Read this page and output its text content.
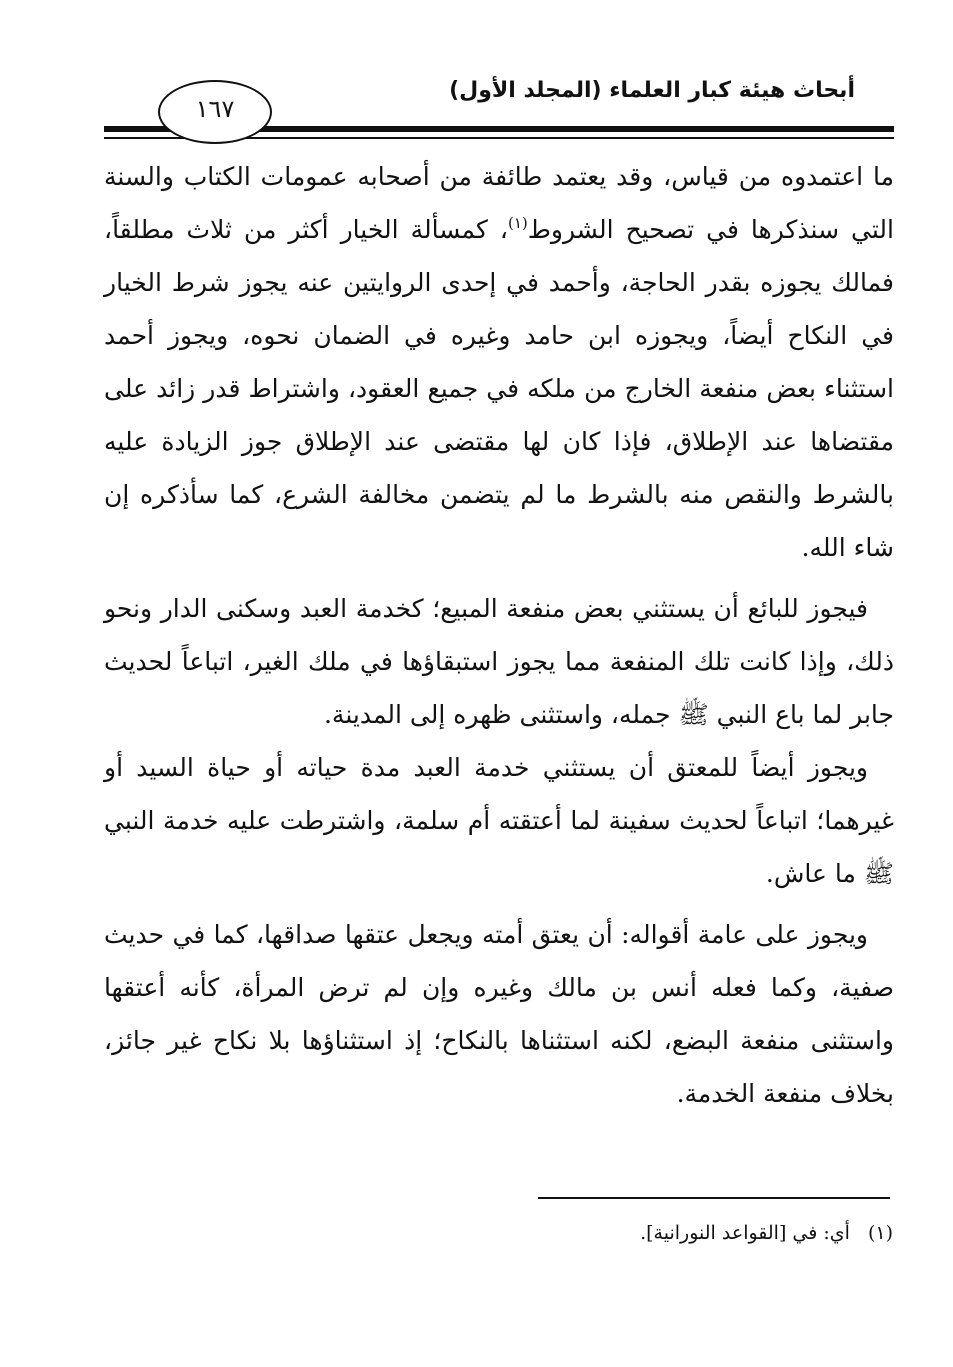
أبحاث هيئة كبار العلماء (المجلد الأول)
١٦٧

ما اعتمدوه من قياس، وقد يعتمد طائفة من أصحابه عمومات الكتاب والسنة التي سنذكرها في تصحيح الشروط$^{(١)}$، كمسألة الخيار أكثر من ثلاث مطلقاً، فمالك يجوزه بقدر الحاجة، وأحمد في إحدى الروايتين عنه يجوز شرط الخيار في النكاح أيضاً، ويجوزه ابن حامد وغيره في الضمان نحوه، ويجوز أحمد استثناء بعض منفعة الخارج من ملكه في جميع العقود، واشتراط قدر زائد على مقتضاها عند الإطلاق، فإذا كان لها مقتضى عند الإطلاق جوز الزيادة عليه بالشرط والنقص منه بالشرط ما لم يتضمن مخالفة الشرع، كما سأذكره إن شاء الله.

فيجوز للبائع أن يستثني بعض منفعة المبيع؛ كخدمة العبد وسكنى الدار ونحو ذلك، وإذا كانت تلك المنفعة مما يجوز استبقاؤها في ملك الغير، اتباعاً لحديث جابر لما باع النبي ﷺ جمله، واستثنى ظهره إلى المدينة.

ويجوز أيضاً للمعتق أن يستثني خدمة العبد مدة حياته أو حياة السيد أو غيرهما؛ اتباعاً لحديث سفينة لما أعتقته أم سلمة، واشترطت عليه خدمة النبي ﷺ ما عاش.

ويجوز على عامة أقواله: أن يعتق أمته ويجعل عتقها صداقها، كما في حديث صفية، وكما فعله أنس بن مالك وغيره وإن لم ترض المرأة، كأنه أعتقها واستثنى منفعة البضع، لكنه استثناها بالنكاح؛ إذ استثناؤها بلا نكاح غير جائز، بخلاف منفعة الخدمة.

(١)أي: في [القواعد النورانية].
